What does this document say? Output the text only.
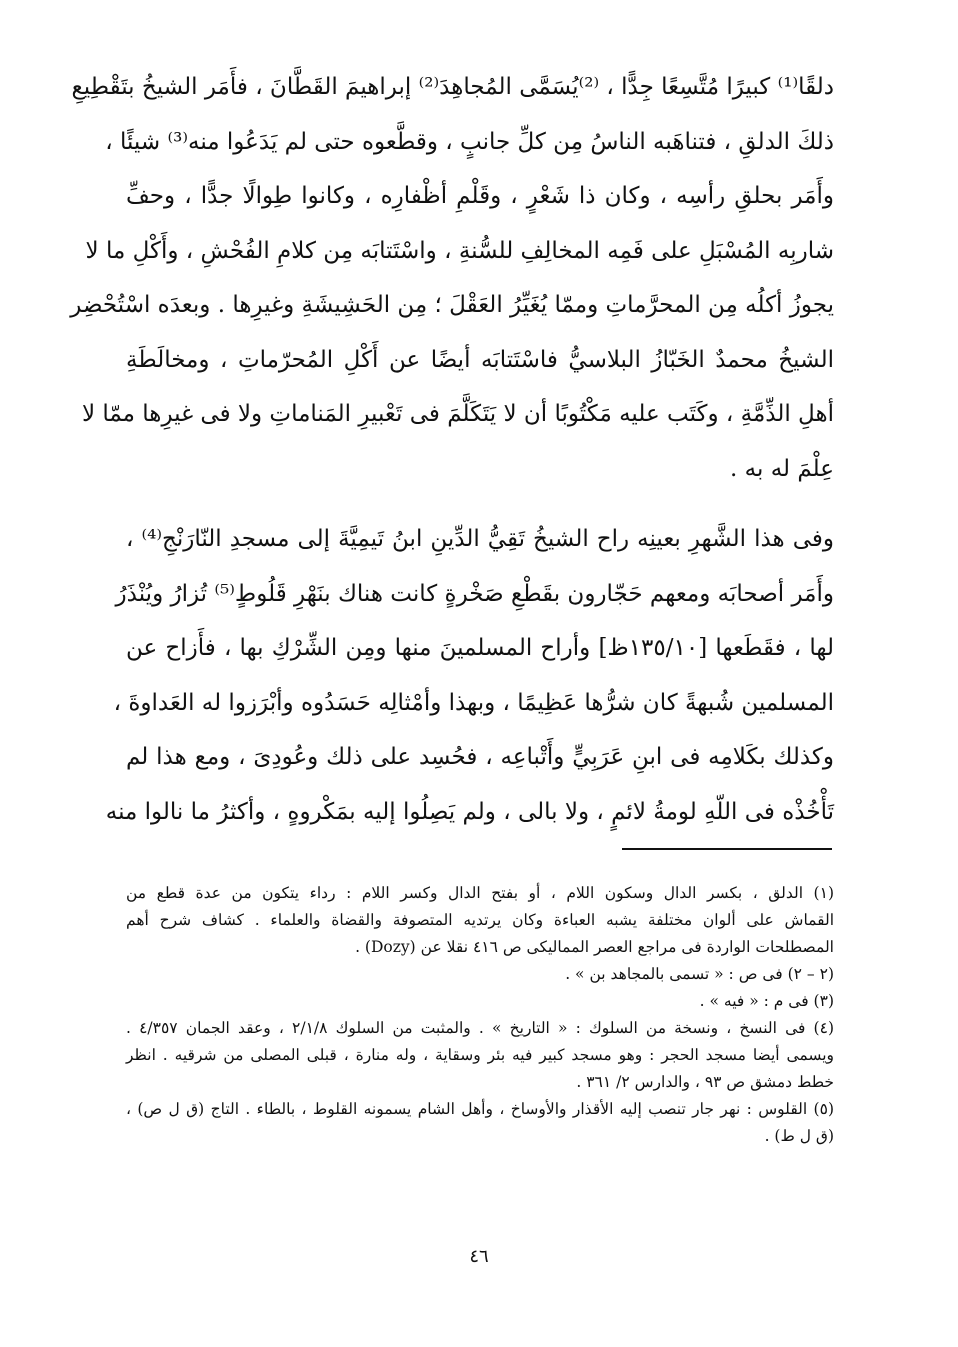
دلقًا⁽¹⁾ كبيرًا مُتَّسِعًا جِدًّا ، ⁽²⁾يُسَمَّى المُجاهِدَ⁽²⁾ إبراهيمَ القَطَّانَ ، فأَمَر الشيخُ بتَقْطِيعِ
ذلكَ الدلقِ ، فتناهَبه الناسُ مِن كلِّ جانبٍ ، وقطَّعوه حتى لم يَدَعُوا منه⁽³⁾ شيئًا ،
وأَمَر بحلقِ رأسِه ، وكان ذا شَعْرٍ ، وقَلْمِ أظْفارِه ، وكانوا طِوالًا جدًّا ، وحفِّ
شاربِه المُسْبَلِ على فَمِه المخالِفِ للسُّنةِ ، واسْتَتابَه مِن كلامِ الفُحْشِ ، وأَكْلِ ما لا
يجوزُ أكلُه مِن المحرَّماتِ وممّا يُغَيِّرُ العَقْلَ ؛ مِن الحَشِيشَةِ وغيرِها . وبعدَه اسْتُحْضِر
الشيخُ محمدٌ الخَبّازُ البلاسيُّ فاسْتَتابَه أيضًا عن أَكْلِ المُحرّماتِ ، ومخالَطَةِ
أهلِ الذِّمَّةِ ، وكَتَب عليه مَكْتُوبًا أن لا يَتَكَلَّمَ فى تَعْبيرِ المَناماتِ ولا فى غيرِها ممّا لا
عِلْمَ له به .
وفى هذا الشَّهرِ بعينِه راح الشيخُ تَقِيُّ الدِّينِ ابنُ تَيمِيَّةَ إلى مسجدِ النّارَنْجِ⁽⁴⁾ ،
وأَمَر أصحابَه ومعهم حَجّارون بقَطْعِ صَخْرةٍ كانت هناك بنَهْرِ قَلُوطٍ⁽⁵⁾ تُزارُ ويُنْذَرُ
لها ، فقَطَعها [١٣٥/١٠ظ] وأراح المسلمينَ منها ومِن الشِّرْكِ بها ، فأَزاح عن
المسلمين شُبهةً كان شرُّها عَظِيمًا ، وبهذا وأمْثالِه حَسَدُوه وأبْرَزوا له العَداوةَ ،
وكذلك بكَلامِه فى ابنِ عَرَبِيٍّ وأَتْباعِه ، فحُسِد على ذلك وعُودِىَ ، ومع هذا لم
تَأْخُذْه فى اللّهِ لومةُ لائمٍ ، ولا بالى ، ولم يَصِلُوا إليه بمَكْروهٍ ، وأكثرُ ما نالوا منه
(١) الدلق ، بكسر الدال وسكون اللام ، أو بفتح الدال وكسر اللام : رداء يتكون من عدة قطع من
القماش على ألوان مختلفة يشبه العباءة وكان يرتديه المتصوفة والقضاة والعلماء . كشاف شرح أهم
المصطلحات الواردة فى مراجع العصر المماليكى ص ٤١٦ نقلا عن (Dozy) .
(٢ – ٢) فى ص : « تسمى بالمجاهد بن » .
(٣) فى م : « فيه » .
(٤) فى النسخ ، ونسخة من السلوك : « التاريخ » . والمثبت من السلوك ٢/١/٨ ، وعقد الجمان ٤/٣٥٧ .
ويسمى أيضا مسجد الحجر : وهو مسجد كبير فيه بئر وسقاية ، وله منارة ، قبلى المصلى من شرقيه . انظر
خطط دمشق ص ٩٣ ، والدارس ٢/ ٣٦١ .
(٥) القلوس : نهر جار تنصب إليه الأقذار والأوساخ ، وأهل الشام يسمونه القلوط ، بالطاء . التاج (ق ل ص) ،
(ق ل ط) .
٤٦
